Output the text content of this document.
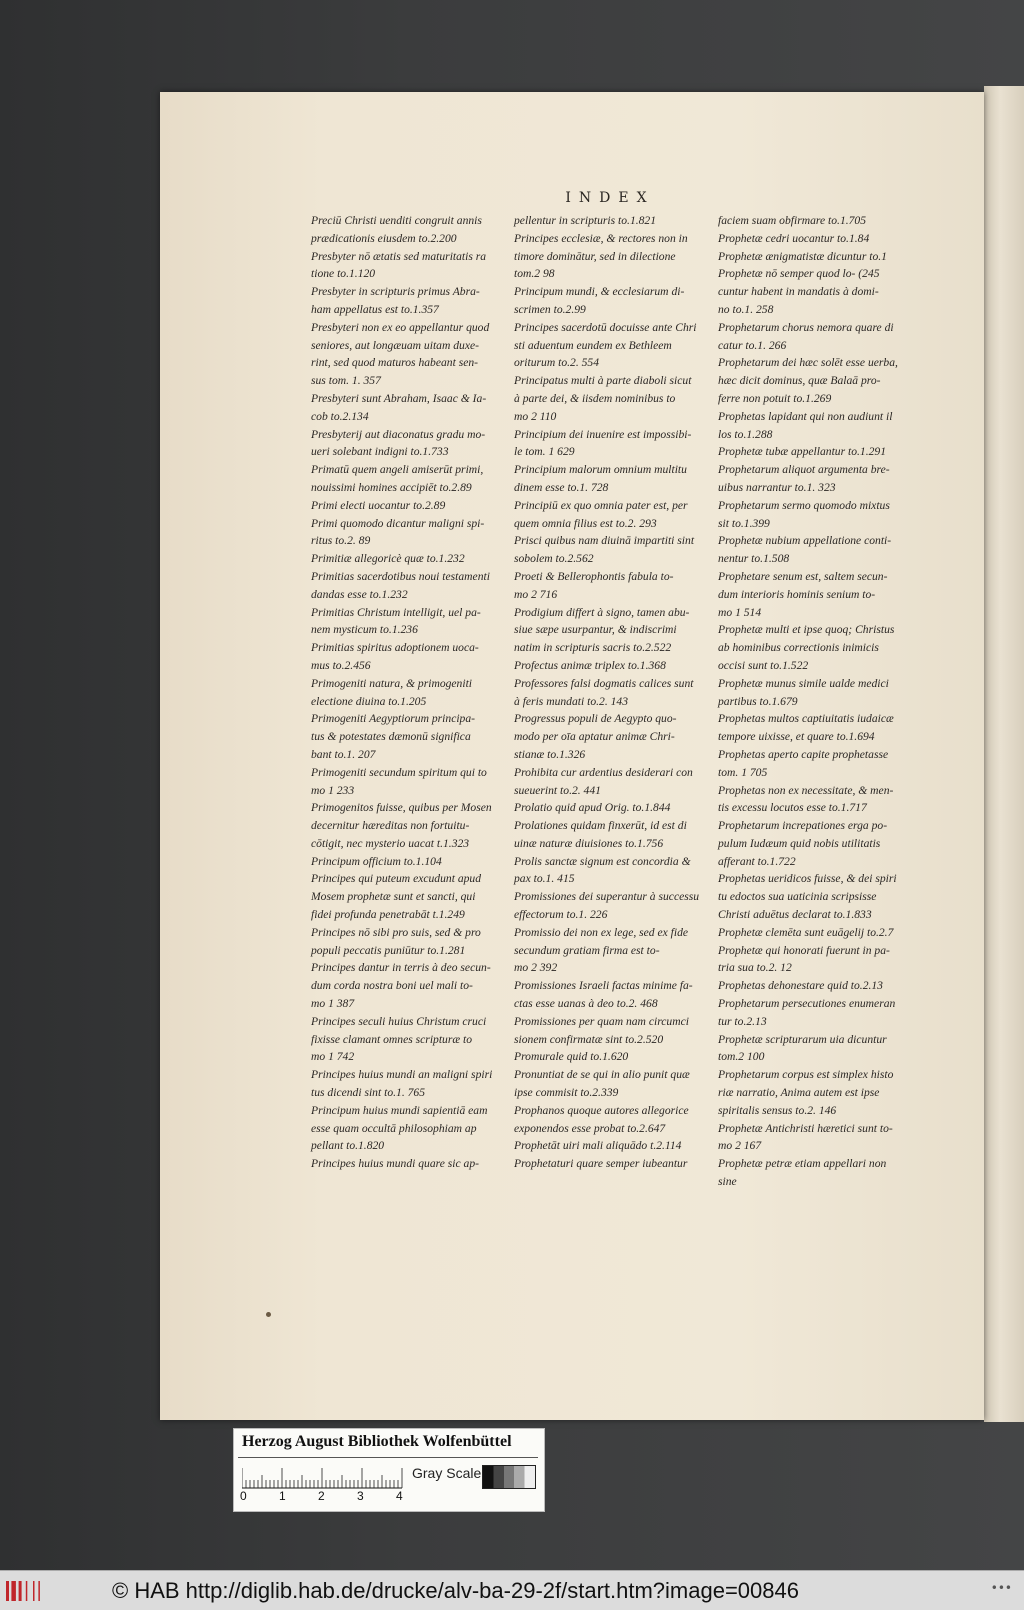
INDEX
Preciū Christi uenditi congruit annis
prædicationis eiusdem to.2.200
Presbyter nō ætatis sed maturitatis ra
tione to.1.120
Presbyter in scripturis primus Abra-
ham appellatus est to.1.357
Presbyteri non ex eo appellantur quod
seniores, aut longæuam uitam duxe-
rint, sed quod maturos habeant sen-
sus tom. 1. 357
Presbyteri sunt Abraham, Isaac & Ia-
cob to.2.134
Presbyterij aut diaconatus gradu mo-
ueri solebant indigni to.1.733
Primatū quem angeli amiserūt primi,
nouissimi homines accipiēt to.2.89
Primi electi uocantur to.2.89
Primi quomodo dicantur maligni spi-
ritus to.2. 89
Primitiæ allegoricè quæ to.1.232
Primitias sacerdotibus noui testamenti
dandas esse to.1.232
Primitias Christum intelligit, uel pa-
nem mysticum to.1.236
Primitias spiritus adoptionem uoca-
mus to.2.456
Primogeniti natura, & primogeniti
electione diuina to.1.205
Primogeniti Aegyptiorum principa-
tus & potestates dæmonū significa
bant to.1. 207
Primogeniti secundum spiritum qui to
mo 1 233
Primogenitos fuisse, quibus per Mosen
decernitur hæreditas non fortuitu-
cōtigit, nec mysterio uacat t.1.323
Principum officium to.1.104
Principes qui puteum excudunt apud
Mosem prophetæ sunt et sancti, qui
fidei profunda penetrabāt t.1.249
Principes nō sibi pro suis, sed & pro
populi peccatis puniūtur to.1.281
Principes dantur in terris à deo secun-
dum corda nostra boni uel mali to-
mo 1 387
Principes seculi huius Christum cruci
fixisse clamant omnes scripturæ to
mo 1 742
Principes huius mundi an maligni spiri
tus dicendi sint to.1. 765
Principum huius mundi sapientiā eam
esse quam occultā philosophiam ap
pellant to.1.820
Principes huius mundi quare sic ap-
pellentur in scripturis to.1.821
Principes ecclesiæ, & rectores non in
timore dominātur, sed in dilectione
tom.2 98
Principum mundi, & ecclesiarum di-
scrimen to.2.99
Principes sacerdotū docuisse ante Chri
sti aduentum eundem ex Bethleem
oriturum to.2. 554
Principatus multi à parte diaboli sicut
à parte dei, & iisdem nominibus to
mo 2 110
Principium dei inuenire est impossibi-
le tom. 1 629
Principium malorum omnium multitu
dinem esse to.1. 728
Principiū ex quo omnia pater est, per
quem omnia filius est to.2. 293
Prisci quibus nam diuinā impartiti sint
sobolem to.2.562
Proeti & Bellerophontis fabula to-
mo 2 716
Prodigium differt à signo, tamen abu-
siue sæpe usurpantur, & indiscrimi
natim in scripturis sacris to.2.522
Profectus animæ triplex to.1.368
Professores falsi dogmatis calices sunt
à feris mundati to.2. 143
Progressus populi de Aegypto quo-
modo per oīa aptatur animæ Chri-
stianæ to.1.326
Prohibita cur ardentius desiderari con
sueuerint to.2. 441
Prolatio quid apud Orig. to.1.844
Prolationes quidam finxerūt, id est di
uinæ naturæ diuisiones to.1.756
Prolis sanctæ signum est concordia &
pax to.1. 415
Promissiones dei superantur à successu
effectorum to.1. 226
Promissio dei non ex lege, sed ex fide
secundum gratiam firma est to-
mo 2 392
Promissiones Israeli factas minime fa-
ctas esse uanas à deo to.2. 468
Promissiones per quam nam circumci
sionem confirmatæ sint to.2.520
Promurale quid to.1.620
Pronuntiat de se qui in alio punit quæ
ipse commisit to.2.339
Prophanos quoque autores allegorice
exponendos esse probat to.2.647
Prophetāt uiri mali aliquādo t.2.114
Prophetaturi quare semper iubeantur
faciem suam obfirmare to.1.705
Prophetæ cedri uocantur to.1.84
Prophetæ ænigmatistæ dicuntur to.1
Prophetæ nō semper quod lo- (245
cuntur habent in mandatis à domi-
no to.1. 258
Prophetarum chorus nemora quare di
catur to.1. 266
Prophetarum dei hæc solēt esse uerba,
hæc dicit dominus, quæ Balaā pro-
ferre non potuit to.1.269
Prophetas lapidant qui non audiunt il
los to.1.288
Prophetæ tubæ appellantur to.1.291
Prophetarum aliquot argumenta bre-
uibus narrantur to.1. 323
Prophetarum sermo quomodo mixtus
sit to.1.399
Prophetæ nubium appellatione conti-
nentur to.1.508
Prophetare senum est, saltem secun-
dum interioris hominis senium to-
mo 1 514
Prophetæ multi et ipse quoq; Christus
ab hominibus correctionis inimicis
occisi sunt to.1.522
Prophetæ munus simile ualde medici
partibus to.1.679
Prophetas multos captiuitatis iudaicæ
tempore uixisse, et quare to.1.694
Prophetas aperto capite prophetasse
tom. 1 705
Prophetas non ex necessitate, & men-
tis excessu locutos esse to.1.717
Prophetarum increpationes erga po-
pulum Iudæum quid nobis utilitatis
afferant to.1.722
Prophetas ueridicos fuisse, & dei spiri
tu edoctos sua uaticinia scripsisse
Christi aduētus declarat to.1.833
Prophetæ clemēta sunt euāgelij to.2.7
Prophetæ qui honorati fuerunt in pa-
tria sua to.2. 12
Prophetas dehonestare quid to.2.13
Prophetarum persecutiones enumeran
tur to.2.13
Prophetæ scripturarum uia dicuntur
tom.2 100
Prophetarum corpus est simplex histo
riæ narratio, Anima autem est ipse
spiritalis sensus to.2. 146
Prophetæ Antichristi hæretici sunt to-
mo 2 167
Prophetæ petræ etiam appellari non
sine
Herzog August Bibliothek Wolfenbüttel
0	1	2	3	4
Gray Scale
© HAB http://diglib.hab.de/drucke/alv-ba-29-2f/start.htm?image=00846	•••
